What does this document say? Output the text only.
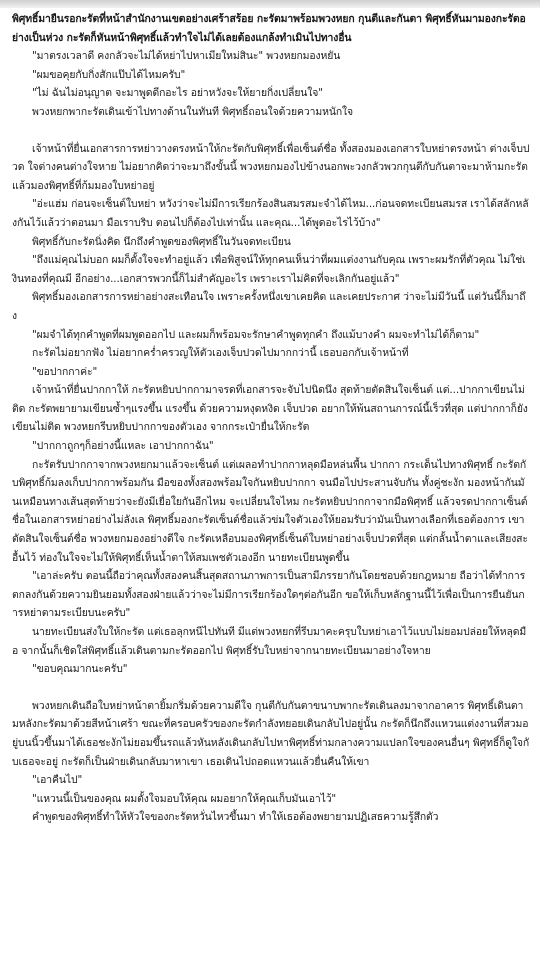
พิศุทธิ์มายืนรอกะรัตที่หน้าสำนักงานเขตอย่างเศร้าสร้อย กะรัตมาพร้อมพวงหยก กุนตีและกันตา พิศุทธิ์หันมามองกะรัตอย่างเป็นห่วง กะรัตก็หันหน้าพิศุทธิ์แล้วทำใจไม่ได้เลยต้องแกล้งทำเมินไปทางอื่น

"มาตรงเวลาดี คงกลัวจะไม่ได้หย่าไปหาเมียใหม่สินะ" พวงหยกมองหยัน

"ผมขอคุยกับกิ่งสักแป๊บได้ไหมครับ"

"ไม่ ฉันไม่อนุญาต จะมาพูดดีกอะไร อย่าหวังจะให้ยายกิ่งเปลี่ยนใจ"

พวงหยกพากะรัตเดินเข้าไปทางด้านในทันที พิศุทธิ์ถอนใจด้วยความหนักใจ

เจ้าหน้าที่ยื่นเอกสารการหย่าวางตรงหน้าให้กะรัตกับพิศุทธิ์เพื่อเซ็นต์ชื่อ ทั้งสองมองเอกสารใบหย่าตรงหน้า ต่างเจ็บปวด ใจต่างคนต่างใจหาย ไม่อยากคิดว่าจะมาถึงขั้นนี้ พวงหยกมองไปข้างนอกพะวงกลัวพวกกุนตีกับกันตาจะมาห้ามกะรัต แล้วมองพิศุทธิ์ที่ก้มมองใบหย่าอยู่

"อ่ะแฮ่ม ก่อนจะเซ็นต์ใบหย่า หวังว่าจะไม่มีการเรียกร้องสินสมรสมะจำได้ไหม...ก่อนจดทะเบียนสมรส เราได้สลักหลังกันไว้แล้วว่าตอนมา มือเราบริบ ตอนไปก็ต้องไปเท่านั้น และคุณ...ได้พูดอะไรไว้บ้าง"

พิศุทธิ์กับกะรัตนิ่งคิด นึกถึงคำพูดของพิศุทธิ์ในวันจดทะเบียน

"ถึงแม่คุณไม่บอก ผมก็ตั้งใจจะทำอยู่แล้ว เพื่อพิสูจน์ให้ทุกคนเห็นว่าที่ผมแต่งงานกับคุณ เพราะผมรักที่ตัวคุณ ไม่ใช่เงินทองที่คุณมี อีกอย่าง...เอกสารพวกนี้ก็ไม่สำคัญอะไร เพราะเราไม่คิดที่จะเลิกกันอยู่แล้ว"

พิศุทธิ์มองเอกสารการหย่าอย่างสะเทือนใจ เพราะครั้งหนึ่งเขาเคยคิด และเคยประกาศ ว่าจะไม่มีวันนี้ แต่วันนี้ก็มาถึง

"ผมจำได้ทุกคำพูดที่ผมพูดออกไป และผมก็พร้อมจะรักษาคำพูดทุกคำ ถึงแม้บางคำ ผมจะทำไม่ได้ก็ตาม"

กะรัตไม่อยากฟัง ไม่อยากคร่ำครวญให้ตัวเองเจ็บปวดไปมากกว่านี้ เธอบอกกับเจ้าหน้าที่

"ขอปากกาค่ะ"

เจ้าหน้าที่ยื่นปากกาให้ กะรัตหยิบปากกามาจรดที่เอกสารจะจับไปนิดนึง สุดท้ายตัดสินใจเซ็นต์ แต่...ปากกาเขียนไม่ติด กะรัตพยายามเขียนซ้ำๆแรงขึ้น แรงขึ้น ด้วยความหงุดหงิด เจ็บปวด อยากให้พ้นสถานการณ์นี้เร็วที่สุด แต่ปากกาก็ยังเขียนไม่ติด พวงหยกรีบหยิบปากกาของตัวเอง จากกระเป๋ายื่นให้กะรัต

"ปากกาถูกๆก็อย่างนี้แหละ เอาปากกาฉัน"

กะรัตรับปากกาจากพวงหยกมาแล้วจะเซ็นต์ แต่เผลอทำปากกาหลุดมือหล่นพื้น ปากกา กระเด็นไปทางพิศุทธิ์ กะรัตกับพิศุทธิ์ก้มลงเก็บปากกาพร้อมกัน มือของทั้งสองพร้อมใจกันหยิบปากกา จนมือไปประสานจับกัน ทั้งคู่ชะงัก มองหน้ากันมันเหมือนทางเส้นสุดท้ายว่าจะยังมีเยื่อใยกันอีกไหม จะเปลี่ยนใจไหม กะรัตหยิบปากกาจากมือพิศุทธิ์ แล้วจรดปากกาเซ็นต์ชื่อในเอกสารหย่าอย่างไม่ลังเล พิศุทธิ์มองกะรัตเซ็นต์ชื่อแล้วข่มใจตัวเองให้ยอมรับว่ามันเป็นทางเลือกที่เธอต้องการ เขาตัดสินใจเซ็นต์ชื่อ พวงหยกมองอย่างดีใจ กะรัตเหลือบมองพิศุทธิ์เซ็นต์ใบหย่าอย่างเจ็บปวดที่สุด แต่กลั้นน้ำตาและเสียงสะอื้นไว้ ท่องในใจจะไม่ให้พิศุทธิ์เห็นน้ำตาให้สมเพชตัวเองอีก นายทะเบียนพูดขึ้น

"เอาล่ะครับ ตอนนี้ถือว่าคุณทั้งสองคนสิ้นสุดสถานภาพการเป็นสามีภรรยากันโดยชอบด้วยกฎหมาย ถือว่าได้ทำการตกลงกันด้วยความยินยอมทั้งสองฝ่ายแล้วว่าจะไม่มีการเรียกร้องใดๆต่อกันอีก ขอให้เก็บหลักฐานนี้ไว้เพื่อเป็นการยืนยันการหย่าตามระเบียบนะครับ"

นายทะเบียนส่งใบให้กะรัต แต่เธอลุกหนีไปทันที มีแต่พวงหยกที่รีบมาคะครุบใบหย่าเอาไว้แบบไม่ยอมปล่อยให้หลุดมือ จากนั้นก็เชิดใส่พิศุทธิ์แล้วเดินตามกะรัตออกไป พิศุทธิ์รับใบหย่าจากนายทะเบียนมาอย่างใจหาย

"ขอบคุณมากนะครับ"

พวงหยกเดินถือใบหย่าหน้าตายิ้มกริ่มด้วยความดีใจ กุนตีกับกันตาขนาบพากะรัตเดินลงมาจากอาคาร พิศุทธิ์เดินตามหลังกะรัตมาด้วยสีหน้าเศร้า ขณะที่ครอบครัวของกะรัตกำลังทยอยเดินกลับไปอยู่นั้น กะรัตก็นึกถึงแหวนแต่งงานที่สวมอยู่บนนิ้วขึ้นมาได้เธอชะงักไม่ยอมขึ้นรถแล้วหันหลังเดินกลับไปหาพิศุทธิ์ท่ามกลางความแปลกใจของคนอื่นๆ พิศุทธิ์ก็ดูใจกับเธอจะอยู่ กะรัตก็เป็นฝ่ายเดินกลับมาหาเขา เธอเดินไปถอดแหวนแล้วยื่นคืนให้เขา

"เอาคืนไป"

"แหวนนี้เป็นของคุณ ผมตั้งใจมอบให้คุณ ผมอยากให้คุณเก็บมันเอาไว้"

คำพูดของพิศุทธิ์ทำให้หัวใจของกะรัตหวั่นไหวขึ้นมา ทำให้เธอต้องพยายามปฏิเสธความรู้สึกตัว
